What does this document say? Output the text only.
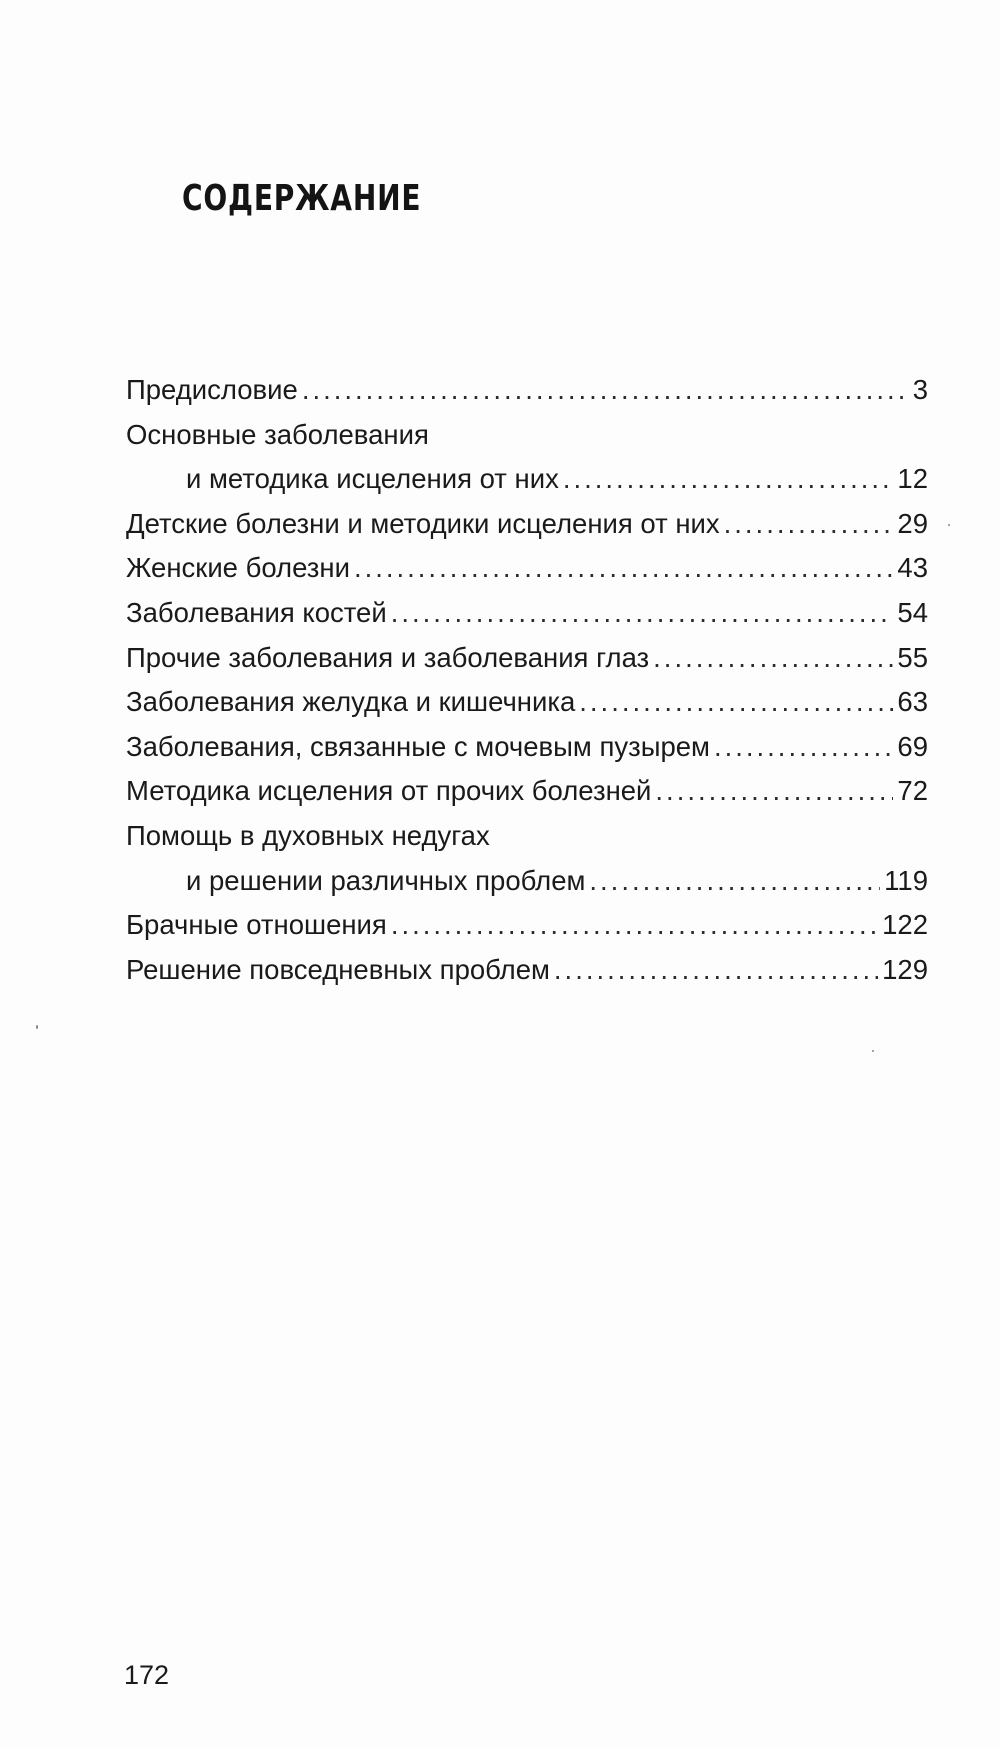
СОДЕРЖАНИЕ
Предисловие .....	3
Основные заболевания
и методика исцеления от них .....	12
Детские болезни и методики исцеления от них .....	29
Женские болезни .....	43
Заболевания костей .....	54
Прочие заболевания и заболевания глаз .....	55
Заболевания желудка и кишечника .....	63
Заболевания, связанные с мочевым пузырем .....	69
Методика исцеления от прочих болезней .....	72
Помощь в духовных недугах
и решении различных проблем .....	119
Брачные отношения .....	122
Решение повседневных проблем .....	129

172
